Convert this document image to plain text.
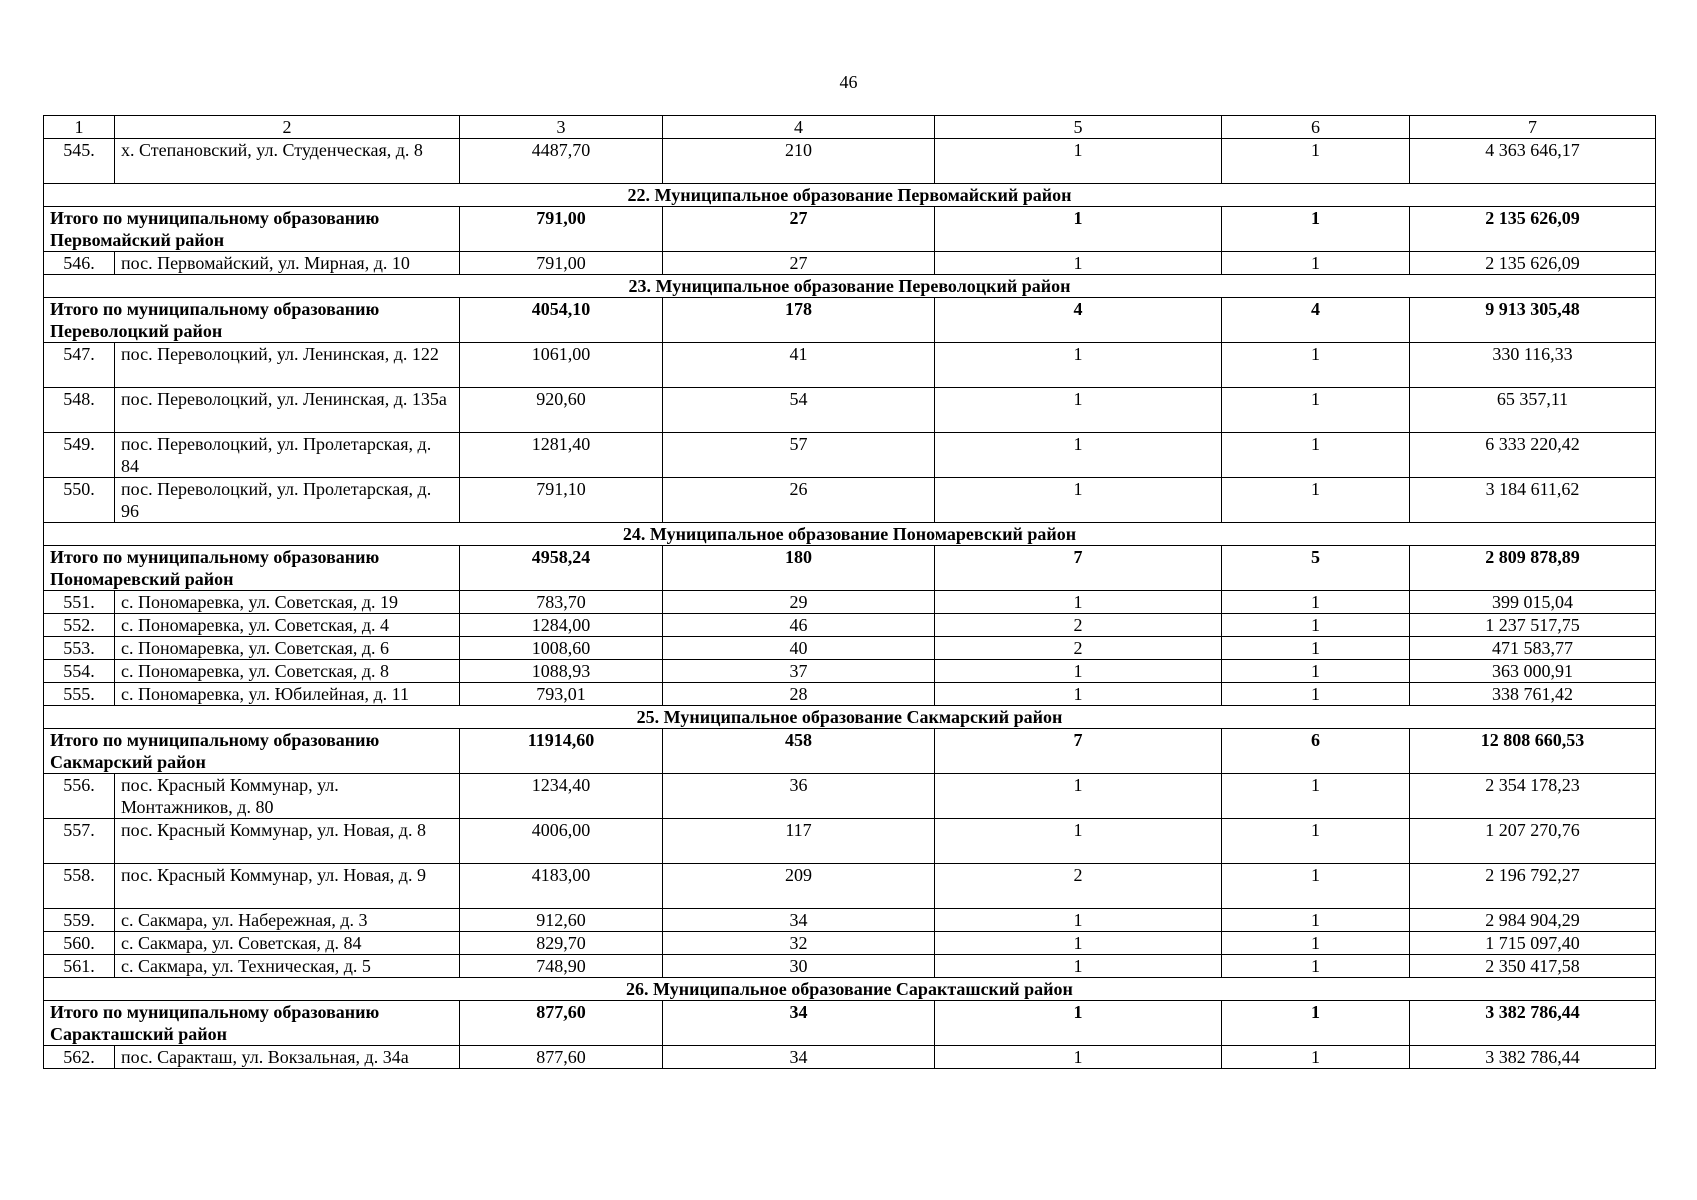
46
1	2	3	4	5	6	7
545.	х. Степановский, ул. Студенческая, д. 8	4487,70	210	1	1	4 363 646,17
22. Муниципальное образование Первомайский район						
Итого по муниципальному образованию Первомайский район		791,00	27	1	1	2 135 626,09
546.	пос. Первомайский, ул. Мирная, д. 10	791,00	27	1	1	2 135 626,09
23. Муниципальное образование Переволоцкий район						
Итого по муниципальному образованию Переволоцкий район		4054,10	178	4	4	9 913 305,48
547.	пос. Переволоцкий, ул. Ленинская, д. 122	1061,00	41	1	1	330 116,33
548.	пос. Переволоцкий, ул. Ленинская, д. 135а	920,60	54	1	1	65 357,11
549.	пос. Переволоцкий, ул. Пролетарская, д. 84	1281,40	57	1	1	6 333 220,42
550.	пос. Переволоцкий, ул. Пролетарская, д. 96	791,10	26	1	1	3 184 611,62
24. Муниципальное образование Пономаревский район						
Итого по муниципальному образованию Пономаревский район		4958,24	180	7	5	2 809 878,89
551.	с. Пономаревка, ул. Советская, д. 19	783,70	29	1	1	399 015,04
552.	с. Пономаревка, ул. Советская, д. 4	1284,00	46	2	1	1 237 517,75
553.	с. Пономаревка, ул. Советская, д. 6	1008,60	40	2	1	471 583,77
554.	с. Пономаревка, ул. Советская, д. 8	1088,93	37	1	1	363 000,91
555.	с. Пономаревка, ул. Юбилейная, д. 11	793,01	28	1	1	338 761,42
25. Муниципальное образование Сакмарский район						
Итого по муниципальному образованию Сакмарский район		11914,60	458	7	6	12 808 660,53
556.	пос. Красный Коммунар, ул. Монтажников, д. 80	1234,40	36	1	1	2 354 178,23
557.	пос. Красный Коммунар, ул. Новая, д. 8	4006,00	117	1	1	1 207 270,76
558.	пос. Красный Коммунар, ул. Новая, д. 9	4183,00	209	2	1	2 196 792,27
559.	с. Сакмара, ул. Набережная, д. 3	912,60	34	1	1	2 984 904,29
560.	с. Сакмара, ул. Советская, д. 84	829,70	32	1	1	1 715 097,40
561.	с. Сакмара, ул. Техническая, д. 5	748,90	30	1	1	2 350 417,58
26. Муниципальное образование Саракташский район						
Итого по муниципальному образованию Саракташский район		877,60	34	1	1	3 382 786,44
562.	пос. Саракташ, ул. Вокзальная, д. 34а	877,60	34	1	1	3 382 786,44
